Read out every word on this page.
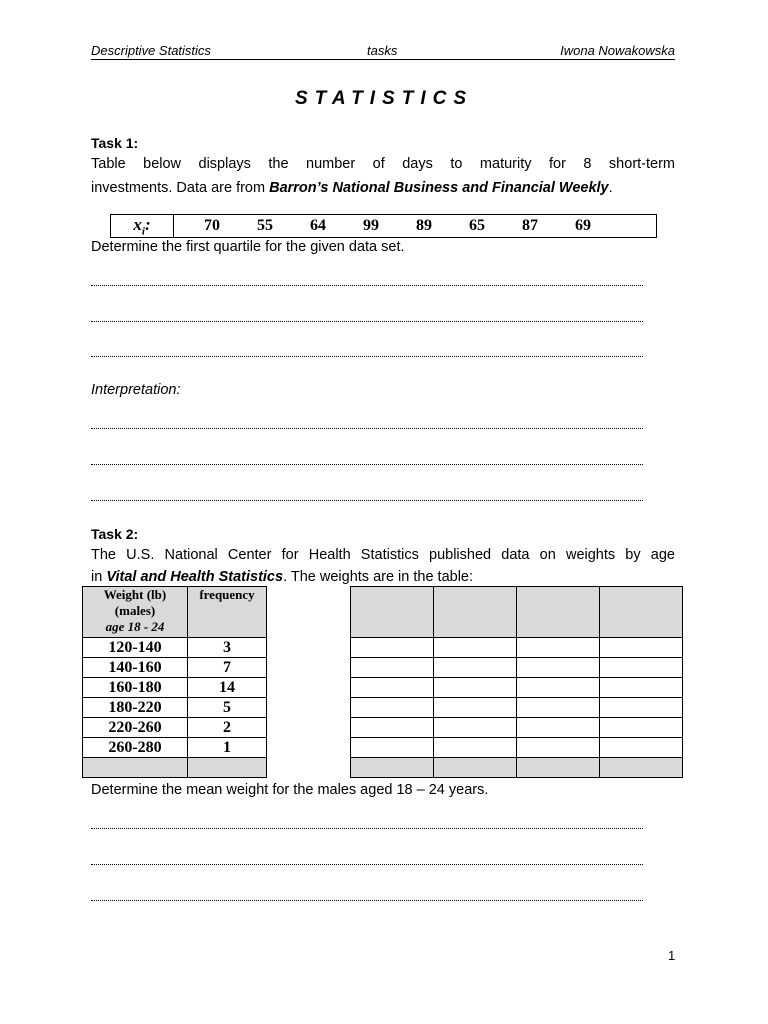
Descriptive Statistics	tasks	Iwona Nowakowska
STATISTICS
Task 1:
Table below displays the number of days to maturity for 8 short-term
investments. Data are from Barron’s National Business and Financial Weekly.
$x_i$:	70 55 64 99 89 65 87 69
Determine the first quartile for the given data set.
Interpretation:
Task 2:
The U.S. National Center for Health Statistics published data on weights by age
in Vital and Health Statistics. The weights are in the table:
Weight (lb)
(males)
age 18 - 24	frequency
120-140	3
140-160	7
160-180	14
180-220	5
220-260	2
260-280	1

Determine the mean weight for the males aged 18 – 24 years.
1
